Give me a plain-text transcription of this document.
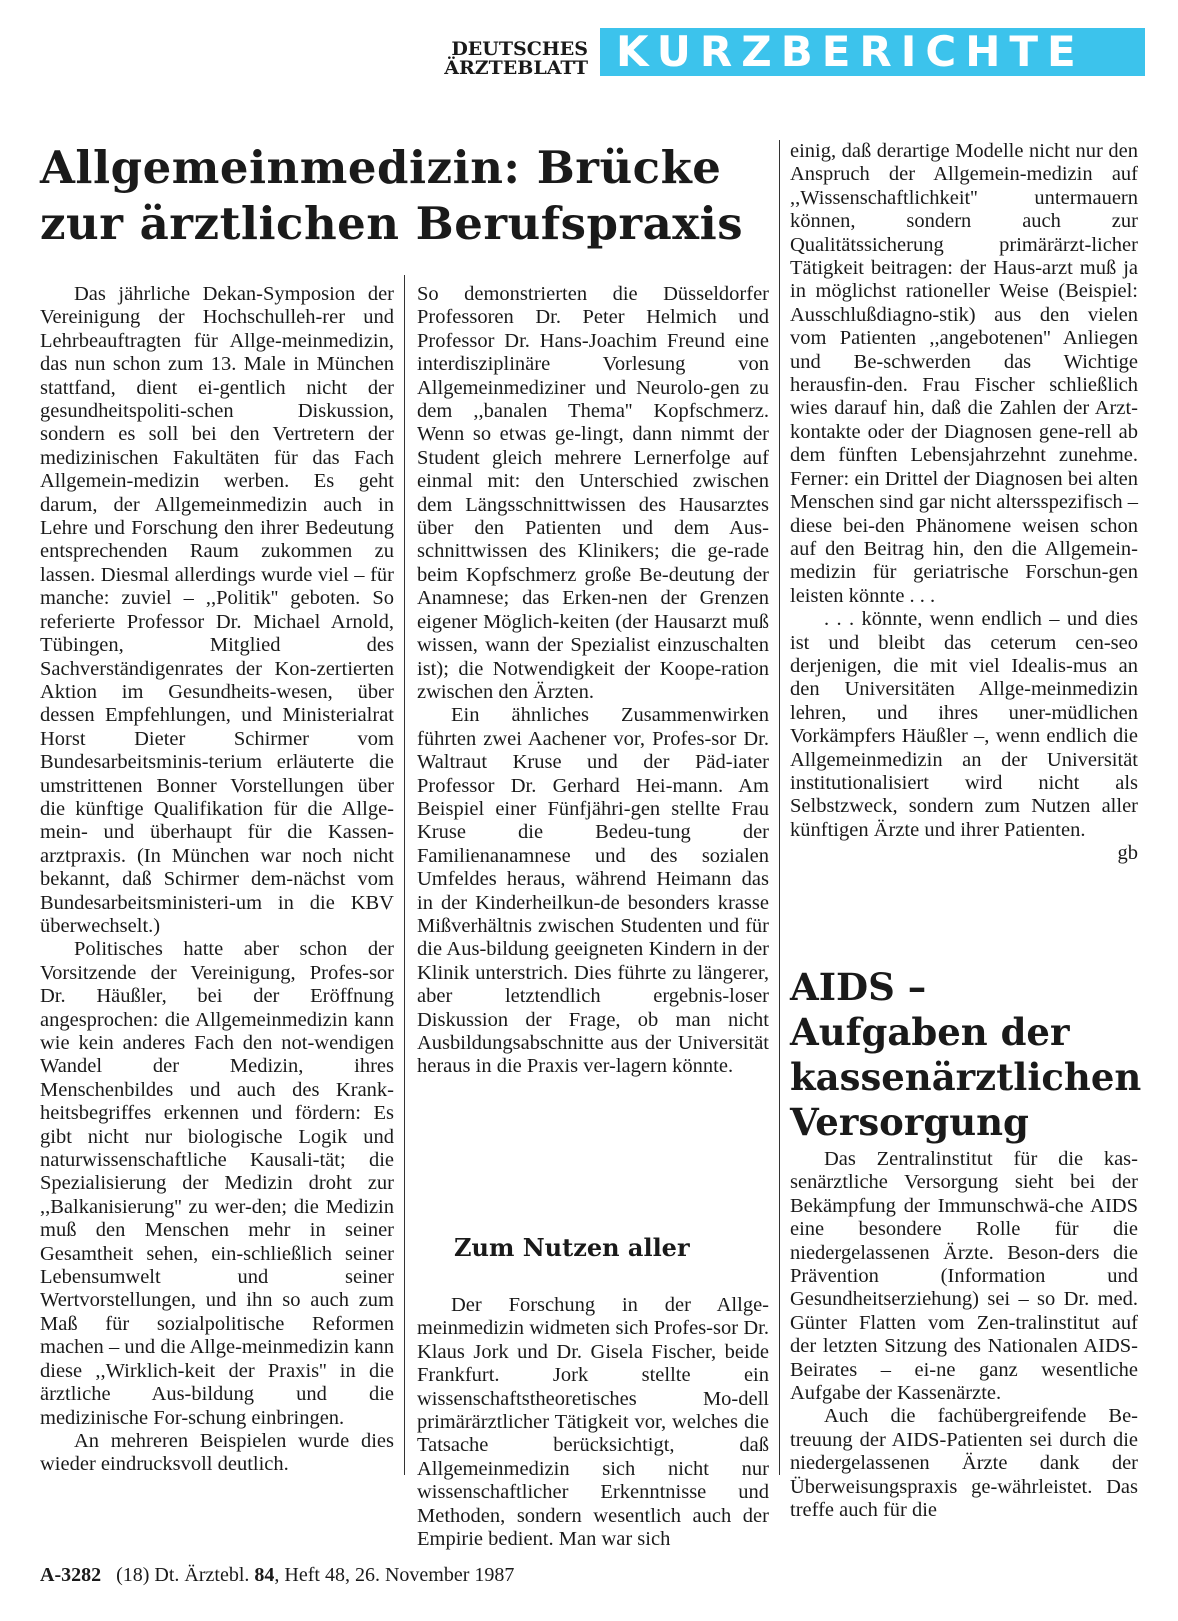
DEUTSCHES
ÄRZTEBLATT KURZBERICHTE
Allgemeinmedizin: Brücke
zur ärztlichen Berufspraxis

Das jährliche Dekan-Symposion der Vereinigung der Hochschulleh-rer und Lehrbeauftragten für Allge-meinmedizin, das nun schon zum 13. Male in München stattfand, dient ei-gentlich nicht der gesundheitspoliti-schen Diskussion, sondern es soll bei den Vertretern der medizinischen Fakultäten für das Fach Allgemein-medizin werben. Es geht darum, der Allgemeinmedizin auch in Lehre und Forschung den ihrer Bedeutung entsprechenden Raum zukommen zu lassen. Diesmal allerdings wurde viel – für manche: zuviel – ,,Politik'' geboten. So referierte Professor Dr. Michael Arnold, Tübingen, Mitglied des Sachverständigenrates der Kon-zertierten Aktion im Gesundheits-wesen, über dessen Empfehlungen, und Ministerialrat Horst Dieter Schirmer vom Bundesarbeitsminis-terium erläuterte die umstrittenen Bonner Vorstellungen über die künftige Qualifikation für die Allge-mein- und überhaupt für die Kassen-arztpraxis. (In München war noch nicht bekannt, daß Schirmer dem-nächst vom Bundesarbeitsministeri-um in die KBV überwechselt.)

Politisches hatte aber schon der Vorsitzende der Vereinigung, Profes-sor Dr. Häußler, bei der Eröffnung angesprochen: die Allgemeinmedizin kann wie kein anderes Fach den not-wendigen Wandel der Medizin, ihres Menschenbildes und auch des Krank-heitsbegriffes erkennen und fördern: Es gibt nicht nur biologische Logik und naturwissenschaftliche Kausali-tät; die Spezialisierung der Medizin droht zur ,,Balkanisierung'' zu wer-den; die Medizin muß den Menschen mehr in seiner Gesamtheit sehen, ein-schließlich seiner Lebensumwelt und seiner Wertvorstellungen, und ihn so auch zum Maß für sozialpolitische Reformen machen – und die Allge-meinmedizin kann diese ,,Wirklich-keit der Praxis'' in die ärztliche Aus-bildung und die medizinische For-schung einbringen.

An mehreren Beispielen wurde dies wieder eindrucksvoll deutlich.

So demonstrierten die Düsseldorfer Professoren Dr. Peter Helmich und Professor Dr. Hans-Joachim Freund eine interdisziplinäre Vorlesung von Allgemeinmediziner und Neurolo-gen zu dem ,,banalen Thema'' Kopfschmerz. Wenn so etwas ge-lingt, dann nimmt der Student gleich mehrere Lernerfolge auf einmal mit: den Unterschied zwischen dem Längsschnittwissen des Hausarztes über den Patienten und dem Aus-schnittwissen des Klinikers; die ge-rade beim Kopfschmerz große Be-deutung der Anamnese; das Erken-nen der Grenzen eigener Möglich-keiten (der Hausarzt muß wissen, wann der Spezialist einzuschalten ist); die Notwendigkeit der Koope-ration zwischen den Ärzten.

Ein ähnliches Zusammenwirken führten zwei Aachener vor, Profes-sor Dr. Waltraut Kruse und der Päd-iater Professor Dr. Gerhard Hei-mann. Am Beispiel einer Fünfjähri-gen stellte Frau Kruse die Bedeu-tung der Familienanamnese und des sozialen Umfeldes heraus, während Heimann das in der Kinderheilkun-de besonders krasse Mißverhältnis zwischen Studenten und für die Aus-bildung geeigneten Kindern in der Klinik unterstrich. Dies führte zu längerer, aber letztendlich ergebnis-loser Diskussion der Frage, ob man nicht Ausbildungsabschnitte aus der Universität heraus in die Praxis ver-lagern könnte.

Zum Nutzen aller

Der Forschung in der Allge-meinmedizin widmeten sich Profes-sor Dr. Klaus Jork und Dr. Gisela Fischer, beide Frankfurt. Jork stellte ein wissenschaftstheoretisches Mo-dell primärärztlicher Tätigkeit vor, welches die Tatsache berücksichtigt, daß Allgemeinmedizin sich nicht nur wissenschaftlicher Erkenntnisse und Methoden, sondern wesentlich auch der Empirie bedient. Man war sich

einig, daß derartige Modelle nicht nur den Anspruch der Allgemein-medizin auf ,,Wissenschaftlichkeit'' untermauern können, sondern auch zur Qualitätssicherung primärärzt-licher Tätigkeit beitragen: der Haus-arzt muß ja in möglichst rationeller Weise (Beispiel: Ausschlußdiagno-stik) aus den vielen vom Patienten ,,angebotenen'' Anliegen und Be-schwerden das Wichtige herausfin-den. Frau Fischer schließlich wies darauf hin, daß die Zahlen der Arzt-kontakte oder der Diagnosen gene-rell ab dem fünften Lebensjahrzehnt zunehme. Ferner: ein Drittel der Diagnosen bei alten Menschen sind gar nicht altersspezifisch – diese bei-den Phänomene weisen schon auf den Beitrag hin, den die Allgemein-medizin für geriatrische Forschun-gen leisten könnte . . .

. . . könnte, wenn endlich – und dies ist und bleibt das ceterum cen-seo derjenigen, die mit viel Idealis-mus an den Universitäten Allge-meinmedizin lehren, und ihres uner-müdlichen Vorkämpfers Häußler –, wenn endlich die Allgemeinmedizin an der Universität institutionalisiert wird nicht als Selbstzweck, sondern zum Nutzen aller künftigen Ärzte und ihrer Patienten.
gb

AIDS –
Aufgaben der
kassenärztlichen
Versorgung

Das Zentralinstitut für die kas-senärztliche Versorgung sieht bei der Bekämpfung der Immunschwä-che AIDS eine besondere Rolle für die niedergelassenen Ärzte. Beson-ders die Prävention (Information und Gesundheitserziehung) sei – so Dr. med. Günter Flatten vom Zen-tralinstitut auf der letzten Sitzung des Nationalen AIDS-Beirates – ei-ne ganz wesentliche Aufgabe der Kassenärzte.

Auch die fachübergreifende Be-treuung der AIDS-Patienten sei durch die niedergelassenen Ärzte dank der Überweisungspraxis ge-währleistet. Das treffe auch für die

A-3282 (18) Dt. Ärztebl. 84, Heft 48, 26. November 1987
